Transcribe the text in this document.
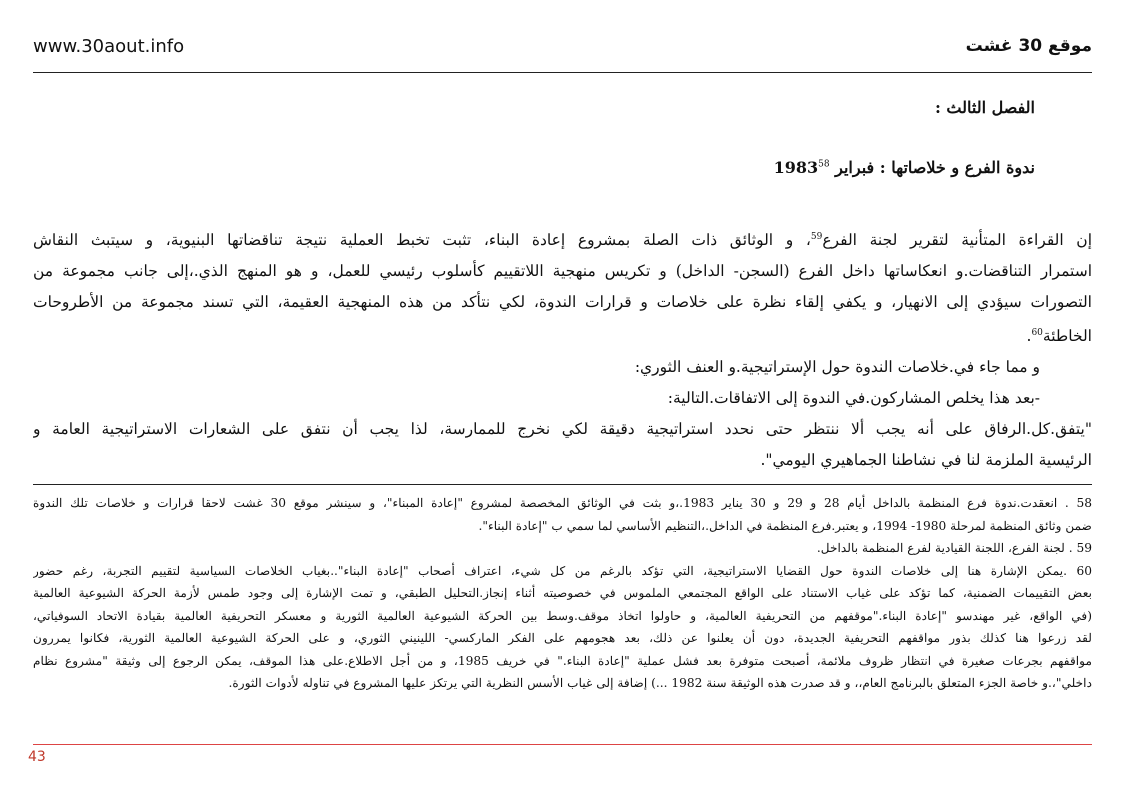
www.30aout.info	موقع 30 غشت
الفصل الثالث :
ندوة الفرع و خلاصاتها : فبراير 1983$^{58}$

إن القراءة المتأنية لتقرير لجنة الفرع$^{59}$، و الوثائق ذات الصلة بمشروع إعادة البناء، تثبت تخبط العملية نتيجة تناقضاتها البنيوية، و سيتبث النقاش

استمرار التناقضات.و انعكاساتها داخل الفرع (السجن- الداخل) و تكريس منهجية اللاتقييم كأسلوب رئيسي للعمل، و هو المنهج الذي.،إلى جانب مجموعة من

التصورات سيؤدي إلى الانهيار، و يكفي إلقاء نظرة على خلاصات و قرارات الندوة، لكي نتأكد من هذه المنهجية العقيمة، التي تسند مجموعة من الأطروحات

الخاطئة$^{60}$.

و مما جاء في.خلاصات الندوة حول الإستراتيجية.و العنف الثوري:

-بعد هذا يخلص المشاركون.في الندوة إلى الاتفاقات.التالية:

"يتفق.كل.الرفاق على أنه يجب ألا ننتظر حتى نحدد استراتيجية دقيقة لكي نخرج للممارسة، لذا يجب أن نتفق على الشعارات الاستراتيجية العامة و

الرئيسية الملزمة لنا في نشاطنا الجماهيري اليومي".

58 . انعقدت.ندوة فرع المنظمة بالداخل أيام 28 و 29 و 30 يناير 1983.،و بثت في الوثائق المخصصة لمشروع "إعادة المبناء"، و سينشر موقع 30 غشت لاحقا قرارات و خلاصات تلك الندوة

ضمن وثائق المنظمة لمرحلة 1980- 1994، و يعتبر.فرع المنظمة في الداخل.،التنظيم الأساسي لما سمي ب "إعادة البناء".

59 . لجنة الفرع، اللجنة القيادية لفرع المنظمة بالداخل.

60 .يمكن الإشارة هنا إلى خلاصات الندوة حول القضايا الاستراتيجية، التي تؤكد بالرغم من كل شيء، اعتراف أصحاب "إعادة البناء"..بغياب الخلاصات السياسية لتقييم التجربة، رغم حضور

بعض التقييمات الضمنية، كما تؤكد على غياب الاستناد على الواقع المجتمعي الملموس في خصوصيته أثناء إنجاز.التحليل الطبقي، و تمت الإشارة إلى وجود طمس لأزمة الحركة الشيوعية العالمية

(في الواقع، غير مهندسو "إعادة البناء."موقفهم من التحريفية العالمية، و حاولوا اتخاذ موقف.وسط بين الحركة الشيوعية العالمية الثورية و معسكر التحريفية العالمية بقيادة الاتحاد السوفياتي،

لقد زرعوا هنا كذلك بذور مواقفهم التحريفية الجديدة، دون أن يعلنوا عن ذلك، بعد هجومهم على الفكر الماركسي- اللينيني الثوري، و على الحركة الشيوعية العالمية الثورية، فكانوا يمررون

مواقفهم بجرعات صغيرة في انتظار ظروف ملائمة، أصبحت متوفرة بعد فشل عملية "إعادة البناء." في خريف 1985، و من أجل الاطلاع.على هذا الموقف، يمكن الرجوع إلى وثيقة "مشروع نظام

داخلي"،.و خاصة الجزء المتعلق بالبرنامج العام،، و قد صدرت هذه الوثيقة سنة 1982 ...) إضافة إلى غياب الأسس النظرية التي يرتكز عليها المشروع في تناوله لأدوات الثورة.

43
